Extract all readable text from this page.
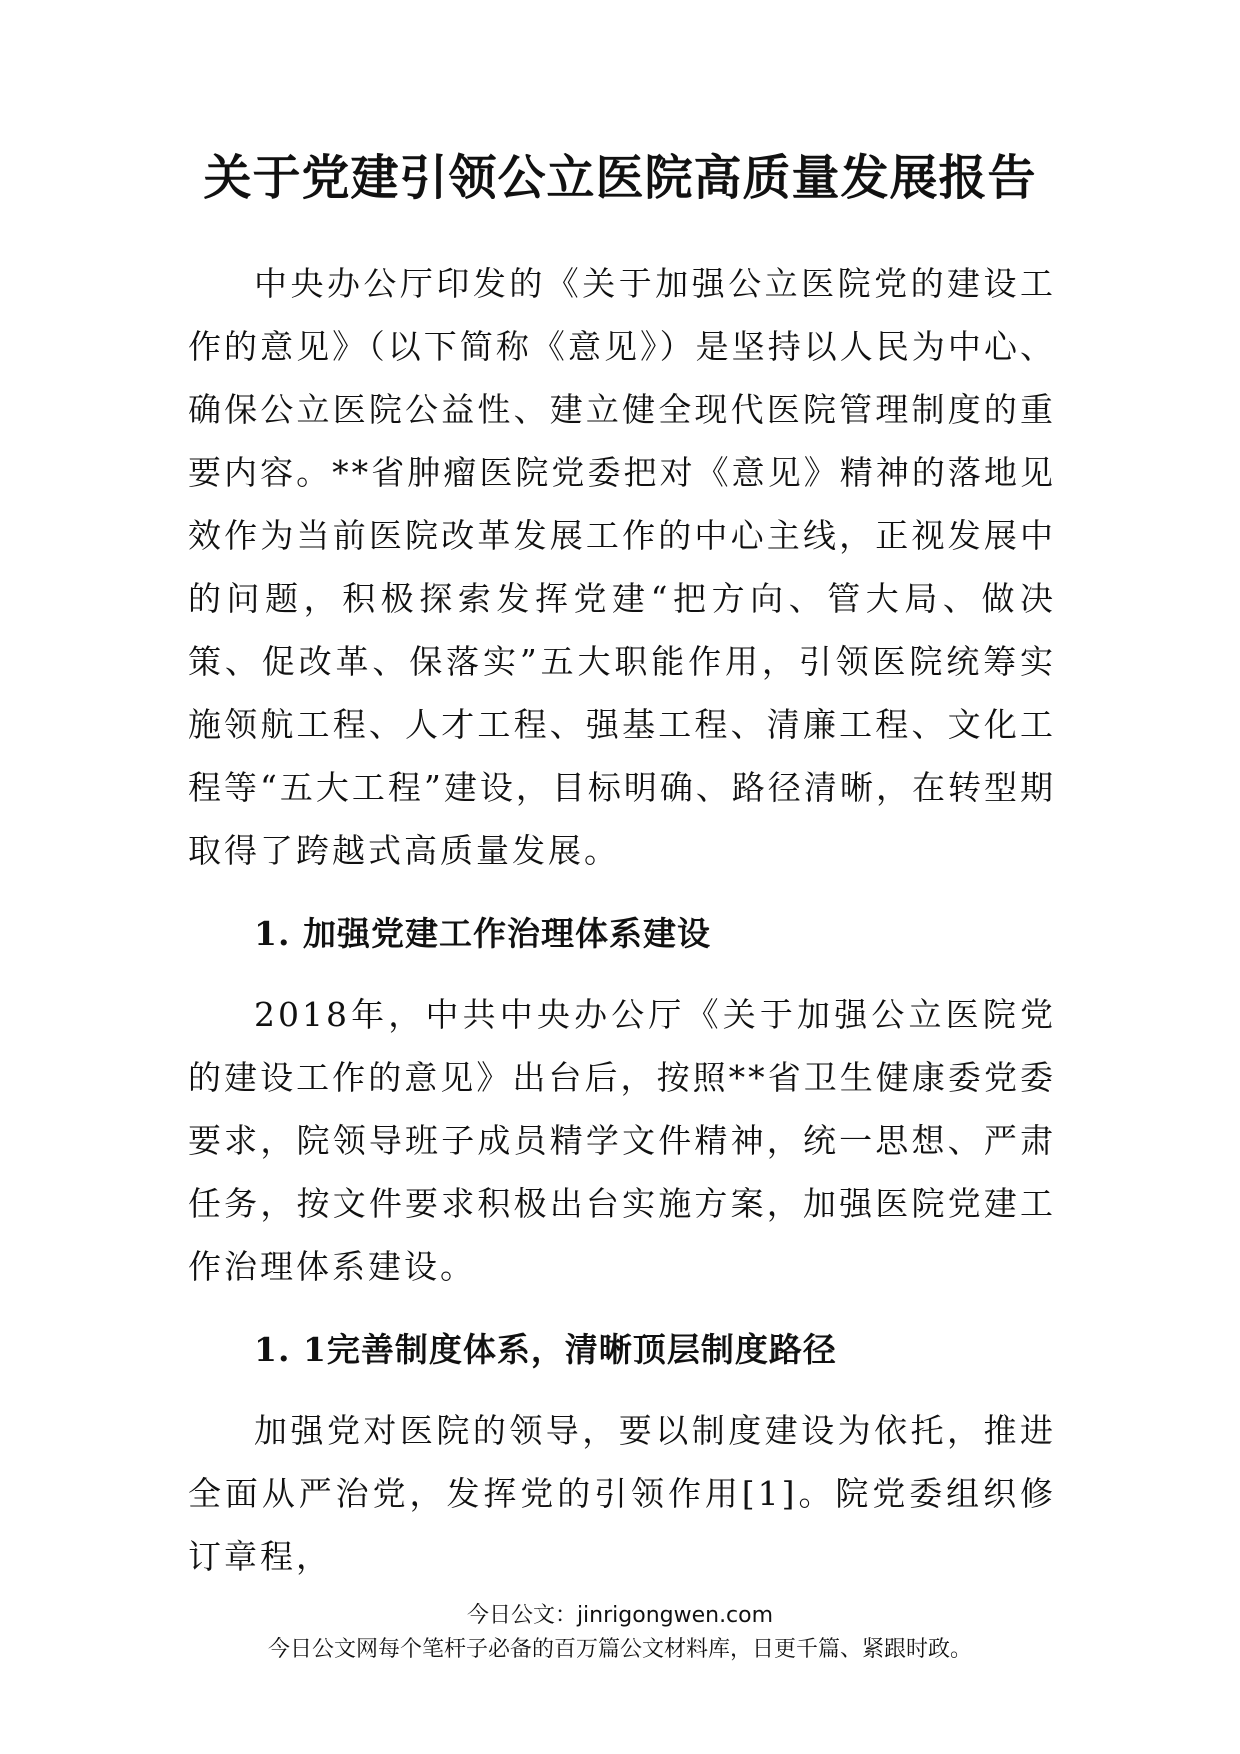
关于党建引领公立医院高质量发展报告

中央办公厅印发的《关于加强公立医院党的建设工作的意见》（以下简称《意见》）是坚持以人民为中心、确保公立医院公益性、建立健全现代医院管理制度的重要内容。**省肿瘤医院党委把对《意见》精神的落地见效作为当前医院改革发展工作的中心主线，正视发展中的问题，积极探索发挥党建“把方向、管大局、做决策、促改革、保落实”五大职能作用，引领医院统筹实施领航工程、人才工程、强基工程、清廉工程、文化工程等“五大工程”建设，目标明确、路径清晰，在转型期取得了跨越式高质量发展。

1. 加强党建工作治理体系建设

2018年，中共中央办公厅《关于加强公立医院党的建设工作的意见》出台后，按照**省卫生健康委党委要求，院领导班子成员精学文件精神，统一思想、严肃任务，按文件要求积极出台实施方案，加强医院党建工作治理体系建设。

1. 1完善制度体系，清晰顶层制度路径

加强党对医院的领导，要以制度建设为依托，推进全面从严治党，发挥党的引领作用[1]。院党委组织修订章程，

今日公文：jinrigongwen.com
今日公文网每个笔杆子必备的百万篇公文材料库，日更千篇、紧跟时政。
